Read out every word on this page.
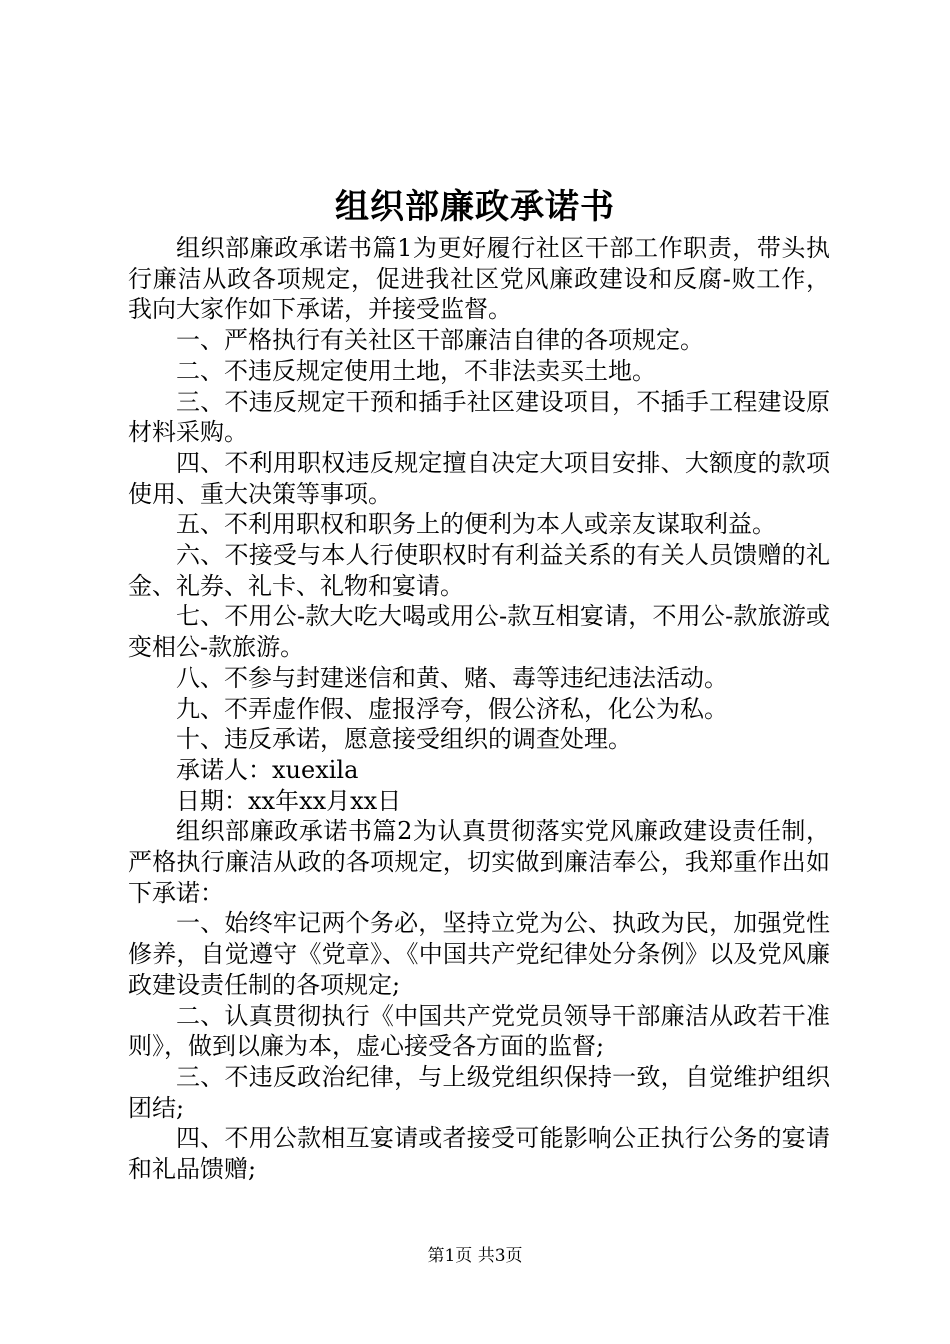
组织部廉政承诺书

组织部廉政承诺书篇1为更好履行社区干部工作职责，带头执行廉洁从政各项规定，促进我社区党风廉政建设和反腐-败工作，我向大家作如下承诺，并接受监督。

一、严格执行有关社区干部廉洁自律的各项规定。

二、不违反规定使用土地，不非法卖买土地。

三、不违反规定干预和插手社区建设项目，不插手工程建设原材料采购。

四、不利用职权违反规定擅自决定大项目安排、大额度的款项使用、重大决策等事项。

五、不利用职权和职务上的便利为本人或亲友谋取利益。

六、不接受与本人行使职权时有利益关系的有关人员馈赠的礼金、礼券、礼卡、礼物和宴请。

七、不用公-款大吃大喝或用公-款互相宴请，不用公-款旅游或变相公-款旅游。

八、不参与封建迷信和黄、赌、毒等违纪违法活动。

九、不弄虚作假、虚报浮夸，假公济私，化公为私。

十、违反承诺，愿意接受组织的调查处理。

承诺人：xuexila

日期：xx年xx月xx日

组织部廉政承诺书篇2为认真贯彻落实党风廉政建设责任制，严格执行廉洁从政的各项规定，切实做到廉洁奉公，我郑重作出如下承诺：

一、始终牢记两个务必，坚持立党为公、执政为民，加强党性修养，自觉遵守《党章》、《中国共产党纪律处分条例》以及党风廉政建设责任制的各项规定;

二、认真贯彻执行《中国共产党党员领导干部廉洁从政若干准则》，做到以廉为本，虚心接受各方面的监督;

三、不违反政治纪律，与上级党组织保持一致，自觉维护组织团结;

四、不用公款相互宴请或者接受可能影响公正执行公务的宴请和礼品馈赠;

第1页 共3页
